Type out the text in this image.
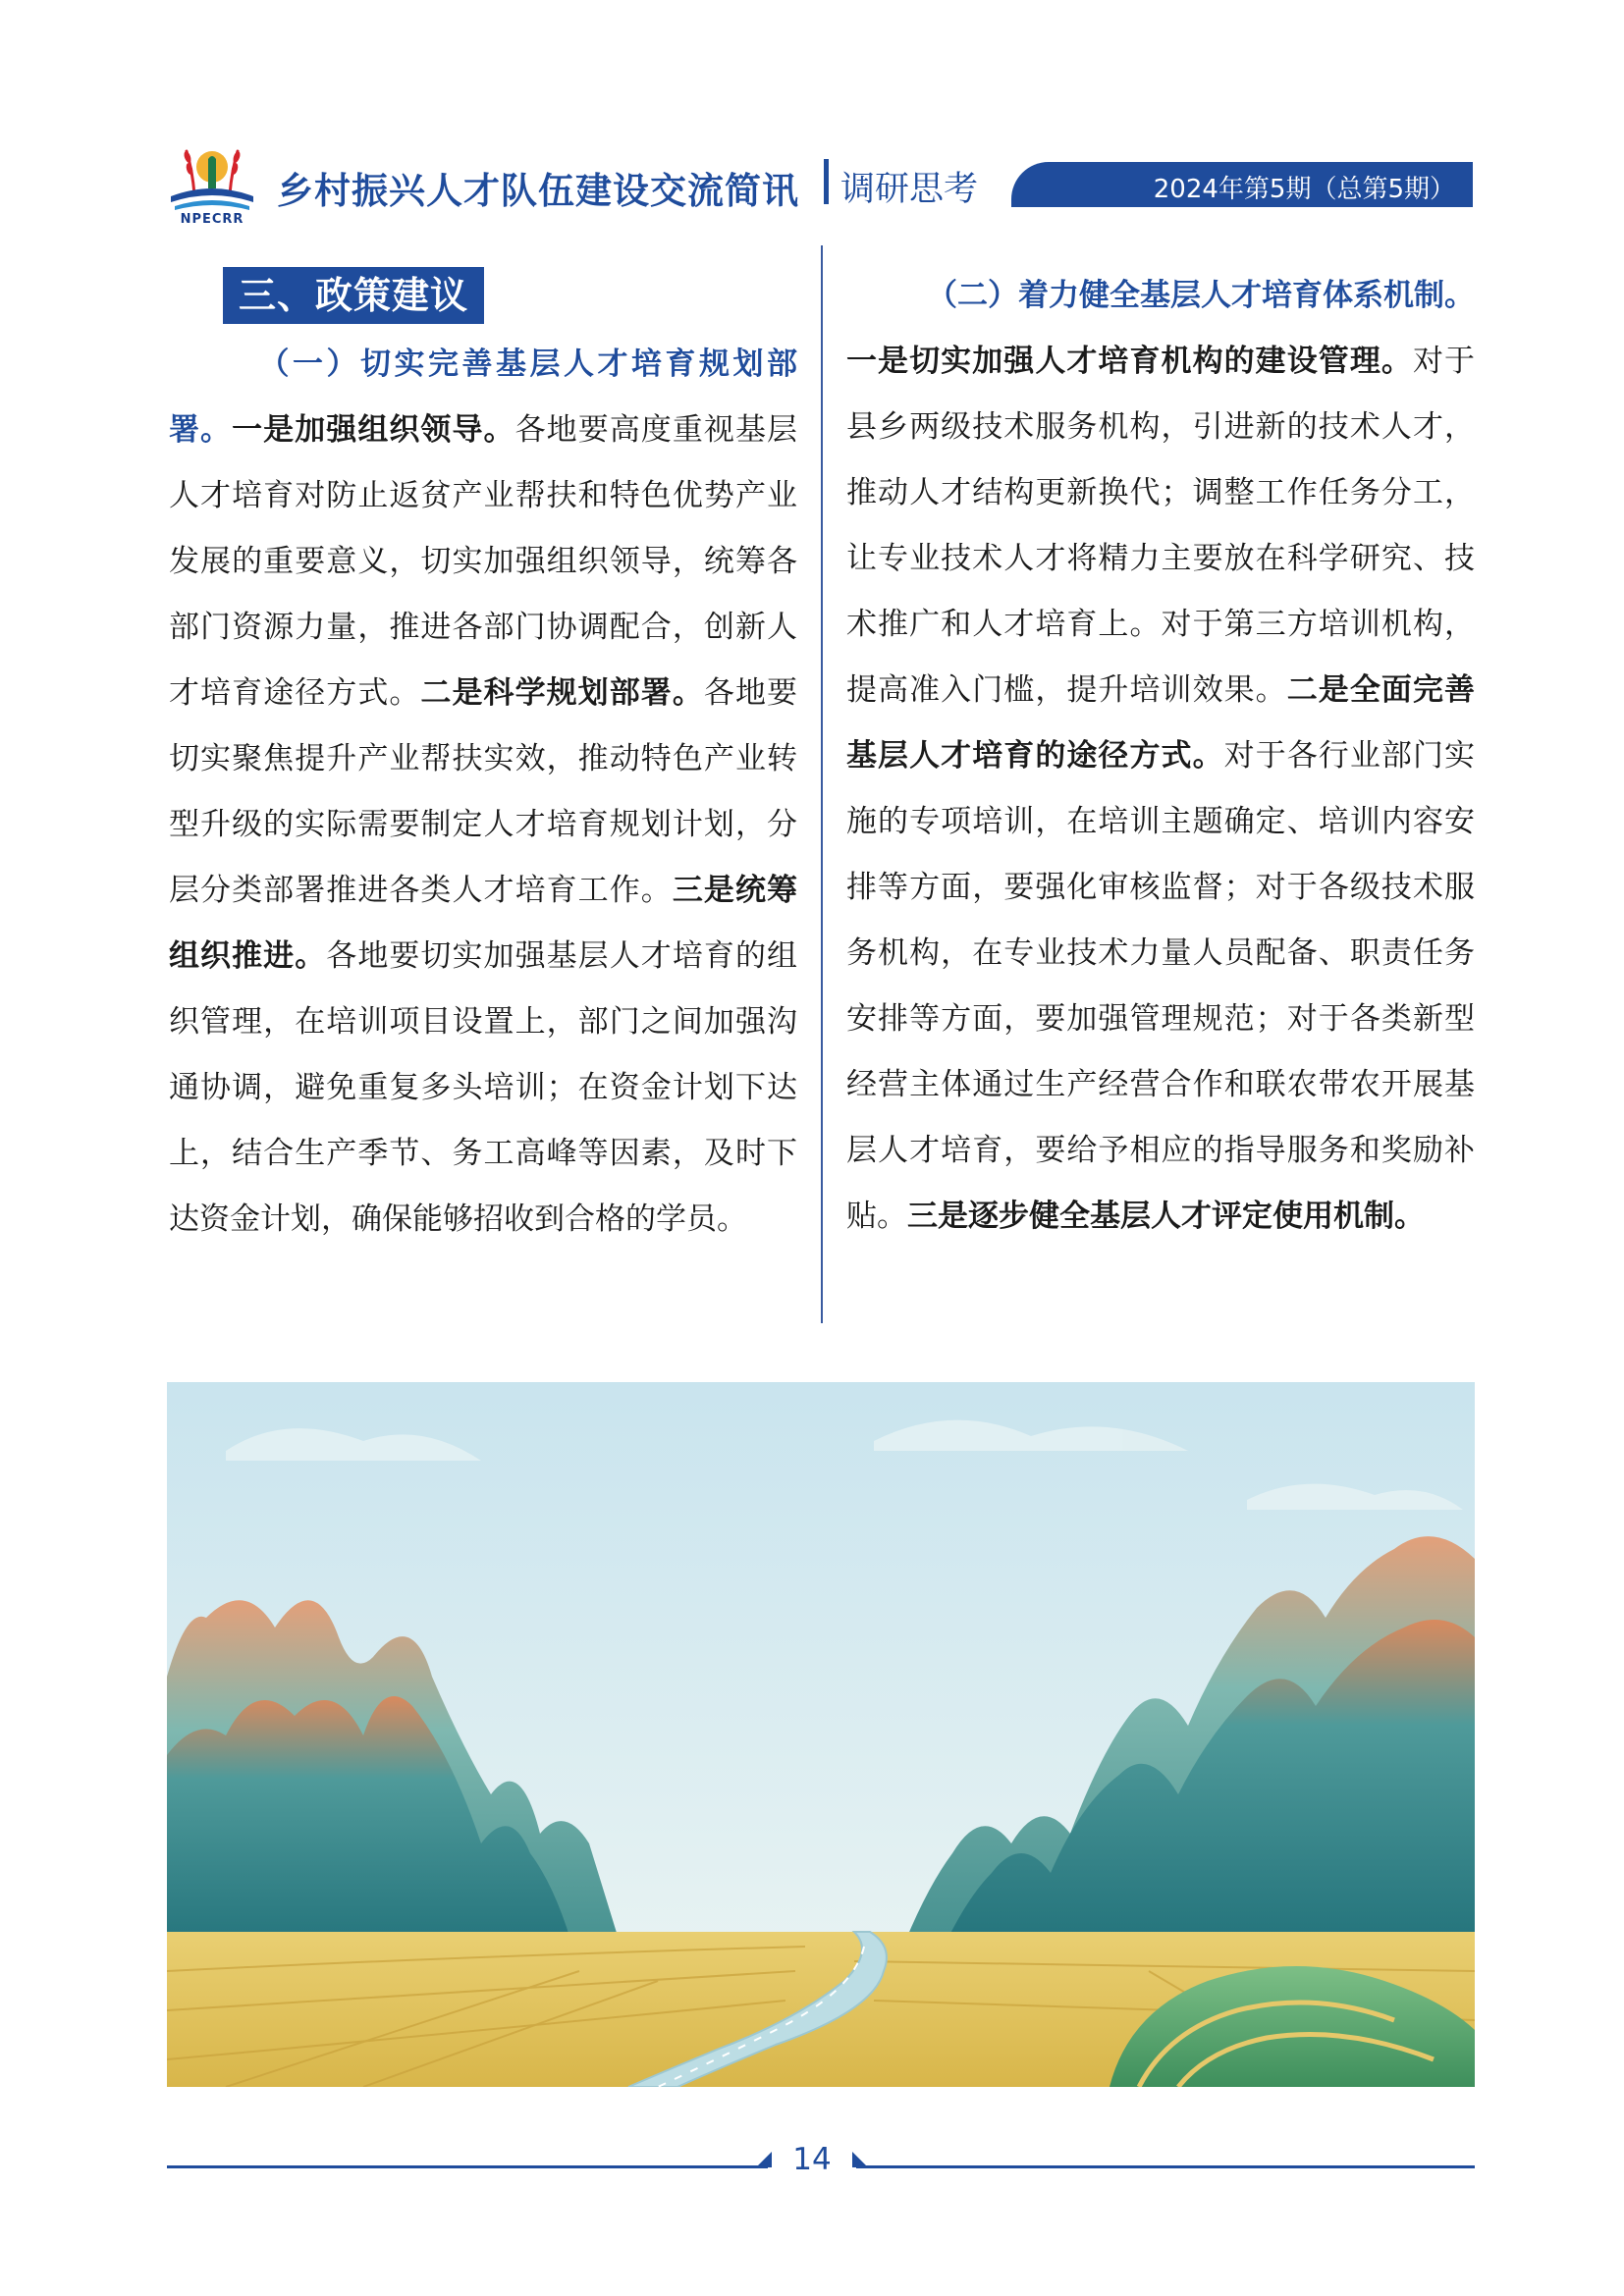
NPECRR
乡村振兴人才队伍建设交流简讯 调研思考	2024年第5期（总第5期）
三、政策建议

（一）切实完善基层人才培育规划部署。一是加强组织领导。各地要高度重视基层人才培育对防止返贫产业帮扶和特色优势产业发展的重要意义，切实加强组织领导，统筹各部门资源力量，推进各部门协调配合，创新人才培育途径方式。二是科学规划部署。各地要切实聚焦提升产业帮扶实效，推动特色产业转型升级的实际需要制定人才培育规划计划，分层分类部署推进各类人才培育工作。三是统筹组织推进。各地要切实加强基层人才培育的组织管理，在培训项目设置上，部门之间加强沟通协调，避免重复多头培训；在资金计划下达上，结合生产季节、务工高峰等因素，及时下达资金计划，确保能够招收到合格的学员。

（二）着力健全基层人才培育体系机制。一是切实加强人才培育机构的建设管理。对于县乡两级技术服务机构，引进新的技术人才，推动人才结构更新换代；调整工作任务分工，让专业技术人才将精力主要放在科学研究、技术推广和人才培育上。对于第三方培训机构，提高准入门槛，提升培训效果。二是全面完善基层人才培育的途径方式。对于各行业部门实施的专项培训，在培训主题确定、培训内容安排等方面，要强化审核监督；对于各级技术服务机构，在专业技术力量人员配备、职责任务安排等方面，要加强管理规范；对于各类新型经营主体通过生产经营合作和联农带农开展基层人才培育，要给予相应的指导服务和奖励补贴。三是逐步健全基层人才评定使用机制。

14
